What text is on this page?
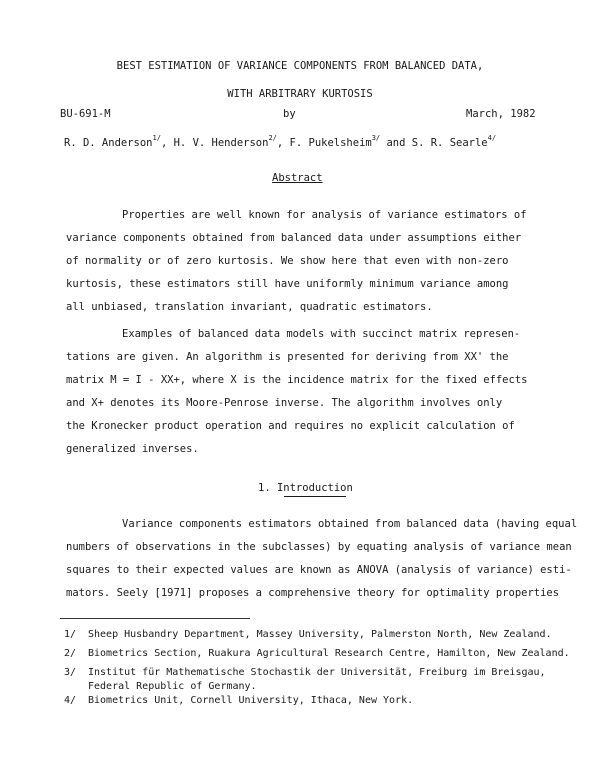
BEST ESTIMATION OF VARIANCE COMPONENTS FROM BALANCED DATA,
WITH ARBITRARY KURTOSIS
BU-691-M	by	March, 1982
R. D. Anderson$^{1/}$, H. V. Henderson$^{2/}$, F. Pukelsheim$^{3/}$ and S. R. Searle$^{4/}$
Abstract
Properties are well known for analysis of variance estimators of
variance components obtained from balanced data under assumptions either
of normality or of zero kurtosis. We show here that even with non-zero
kurtosis, these estimators still have uniformly minimum variance among
all unbiased, translation invariant, quadratic estimators.
Examples of balanced data models with succinct matrix represen-
tations are given. An algorithm is presented for deriving from XX' the
matrix M = I - XX+, where X is the incidence matrix for the fixed effects
and X+ denotes its Moore-Penrose inverse. The algorithm involves only
the Kronecker product operation and requires no explicit calculation of
generalized inverses.
1. Introduction
Variance components estimators obtained from balanced data (having equal
numbers of observations in the subclasses) by equating analysis of variance mean
squares to their expected values are known as ANOVA (analysis of variance) esti-
mators. Seely [1971] proposes a comprehensive theory for optimality properties
1/ Sheep Husbandry Department, Massey University, Palmerston North, New Zealand.
2/ Biometrics Section, Ruakura Agricultural Research Centre, Hamilton, New Zealand.
3/ Institut für Mathematische Stochastik der Universität, Freiburg im Breisgau,
Federal Republic of Germany.
4/ Biometrics Unit, Cornell University, Ithaca, New York.
